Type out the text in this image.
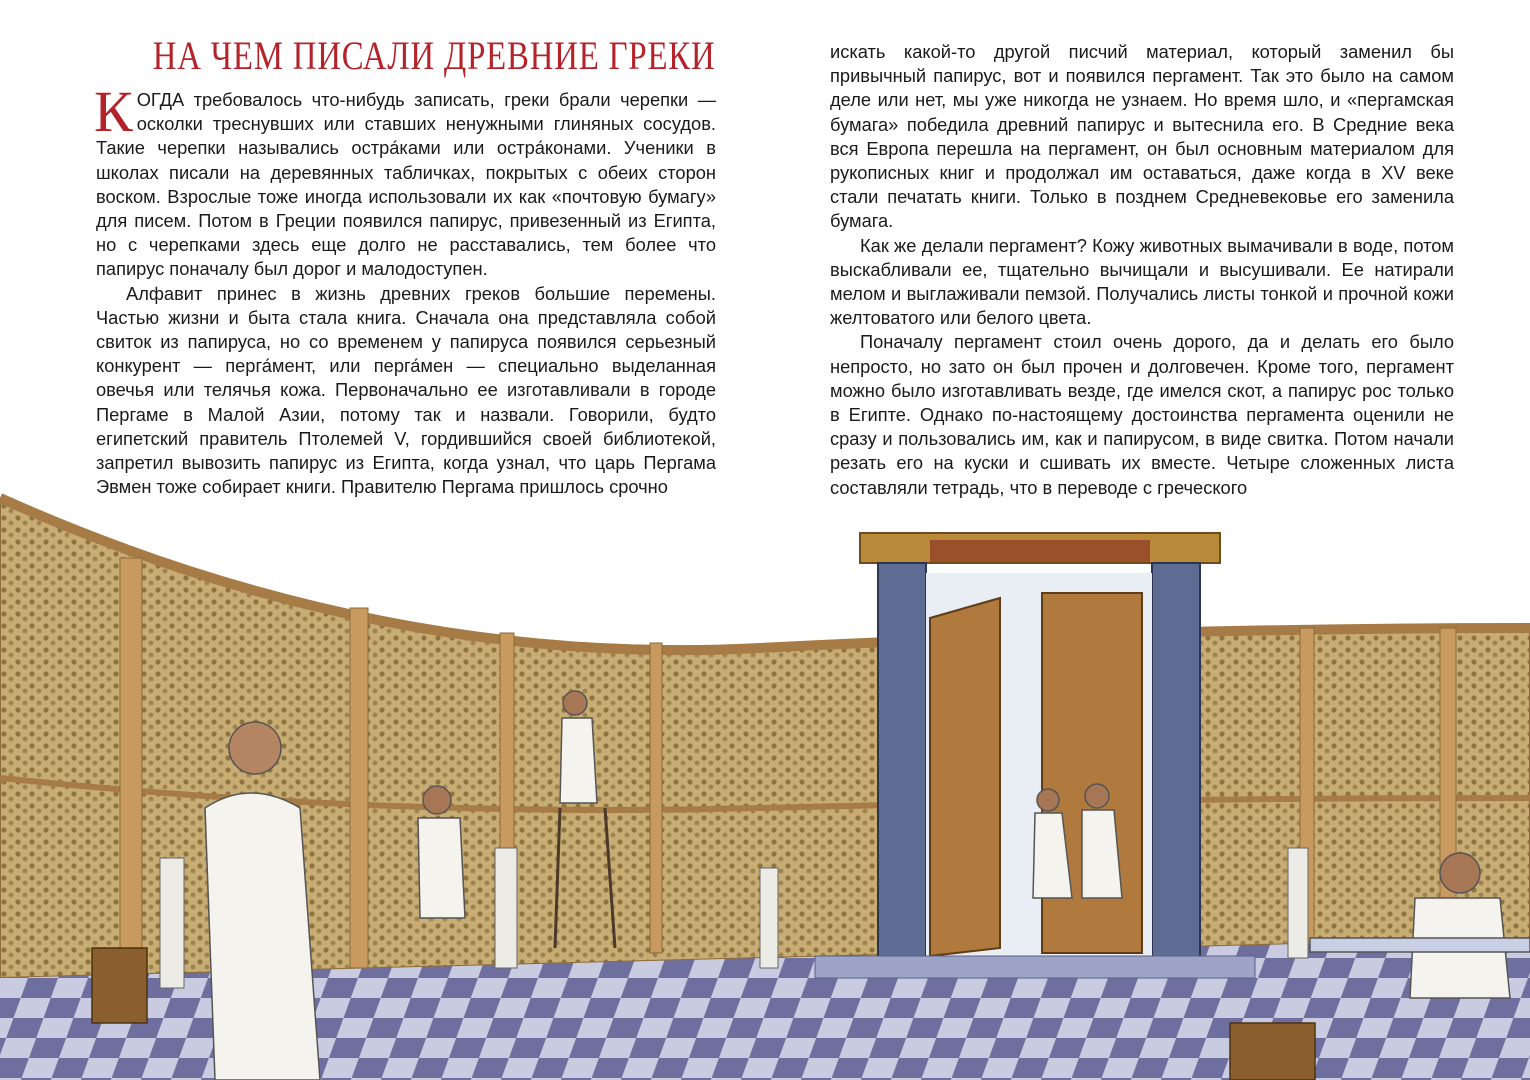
НА ЧЕМ ПИСАЛИ ДРЕВНИЕ ГРЕКИ

КОГДА требовалось что-нибудь записать, греки брали черепки — осколки треснувших или ставших ненужными глиняных сосудов. Такие черепки назывались остра́ками или остра́конами. Ученики в школах писали на деревянных табличках, покрытых с обеих сторон воском. Взрослые тоже иногда использовали их как «почтовую бумагу» для писем. Потом в Греции появился папирус, привезенный из Египта, но с черепками здесь еще долго не расставались, тем более что папирус поначалу был дорог и малодоступен.

Алфавит принес в жизнь древних греков большие перемены. Частью жизни и быта стала книга. Сначала она представляла собой свиток из папируса, но со временем у папируса появился серьезный конкурент — перга́мент, или перга́мен — специально выделанная овечья или телячья кожа. Первоначально ее изготавливали в городе Пергаме в Малой Азии, потому так и назвали. Говорили, будто египетский правитель Птолемей V, гордившийся своей библиотекой, запретил вывозить папирус из Египта, когда узнал, что царь Пергама Эвмен тоже собирает книги. Правителю Пергама пришлось срочно

искать какой-то другой писчий материал, который заменил бы привычный папирус, вот и появился пергамент. Так это было на самом деле или нет, мы уже никогда не узнаем. Но время шло, и «пергамская бумага» победила древний папирус и вытеснила его. В Средние века вся Европа перешла на пергамент, он был основным материалом для рукописных книг и продолжал им оставаться, даже когда в XV веке стали печатать книги. Только в позднем Средневековье его заменила бумага.

Как же делали пергамент? Кожу животных вымачивали в воде, потом выскабливали ее, тщательно вычищали и высушивали. Ее натирали мелом и выглаживали пемзой. Получались листы тонкой и прочной кожи желтоватого или белого цвета.

Поначалу пергамент стоил очень дорого, да и делать его было непросто, но зато он был прочен и долговечен. Кроме того, пергамент можно было изготавливать везде, где имелся скот, а папирус рос только в Египте. Однако по-настоящему достоинства пергамента оценили не сразу и пользовались им, как и папирусом, в виде свитка. Потом начали резать его на куски и сшивать их вместе. Четыре сложенных листа составляли тетрадь, что в переводе с греческого
